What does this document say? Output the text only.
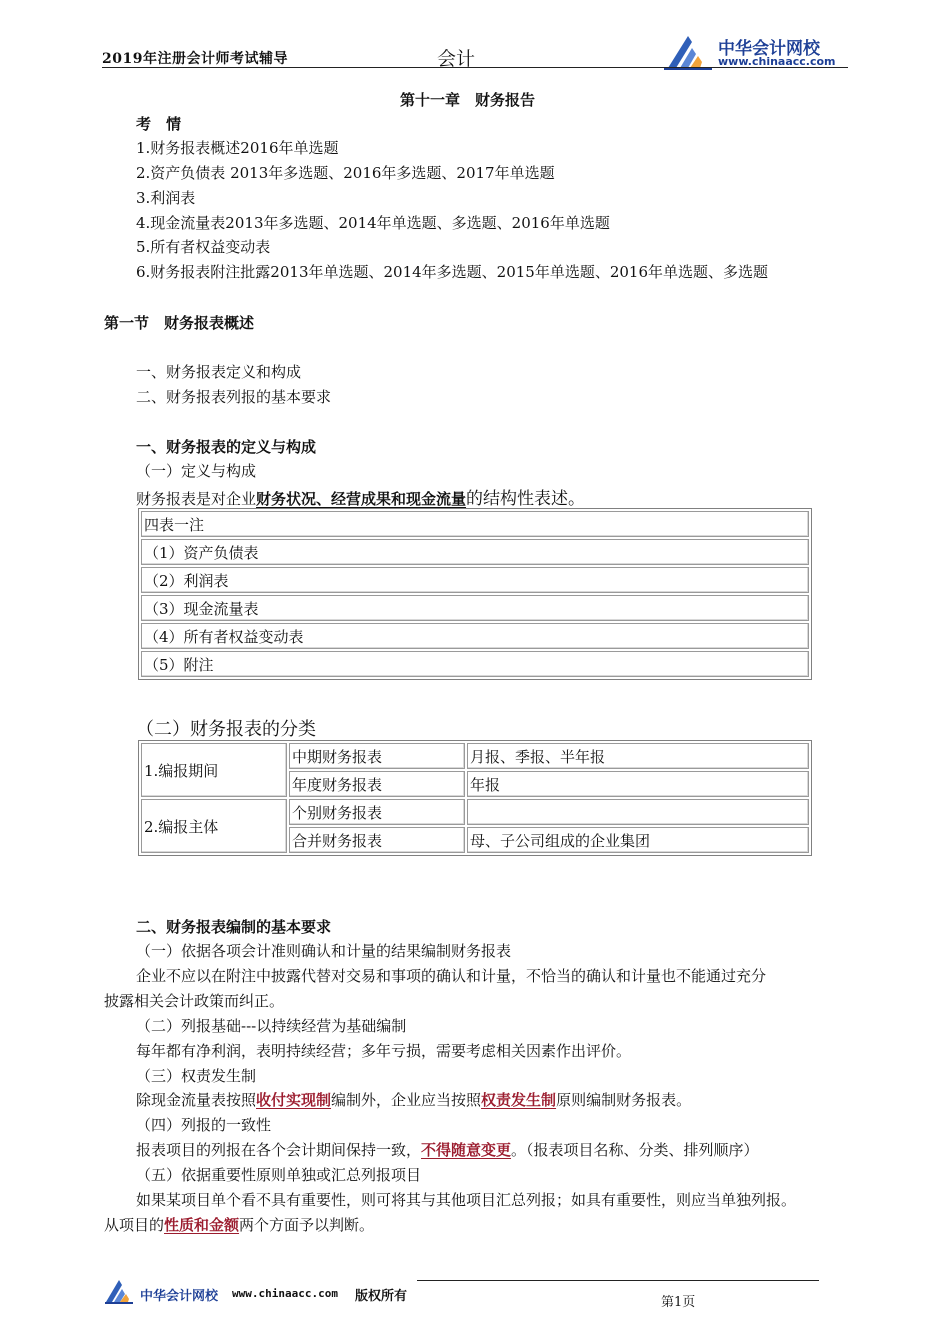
2019年注册会计师考试辅导	会计	中华会计网校
www.chinaacc.com
第十一章　财务报告
考　情
1.财务报表概述2016年单选题
2.资产负债表 2013年多选题、2016年多选题、2017年单选题
3.利润表
4.现金流量表2013年多选题、2014年单选题、多选题、2016年单选题
5.所有者权益变动表
6.财务报表附注批露2013年单选题、2014年多选题、2015年单选题、2016年单选题、多选题
第一节　财务报表概述
一、财务报表定义和构成
二、财务报表列报的基本要求
一、财务报表的定义与构成
（一）定义与构成
财务报表是对企业财务状况、经营成果和现金流量的结构性表述。
四表一注
（1）资产负债表
（2）利润表
（3）现金流量表
（4）所有者权益变动表
（5）附注
（二）财务报表的分类
1.编报期间	中期财务报表	月报、季报、半年报
	年度财务报表	年报
2.编报主体	个别财务报表	
	合并财务报表	母、子公司组成的企业集团
二、财务报表编制的基本要求
（一）依据各项会计准则确认和计量的结果编制财务报表
企业不应以在附注中披露代替对交易和事项的确认和计量，不恰当的确认和计量也不能通过充分
披露相关会计政策而纠正。
（二）列报基础---以持续经营为基础编制
每年都有净利润，表明持续经营；多年亏损，需要考虑相关因素作出评价。
（三）权责发生制
除现金流量表按照收付实现制编制外，企业应当按照权责发生制原则编制财务报表。
（四）列报的一致性
报表项目的列报在各个会计期间保持一致，不得随意变更。（报表项目名称、分类、排列顺序）
（五）依据重要性原则单独或汇总列报项目
如果某项目单个看不具有重要性，则可将其与其他项目汇总列报；如具有重要性，则应当单独列报。
从项目的性质和金额两个方面予以判断。
中华会计网校 www.chinaacc.com 版权所有	第1页
